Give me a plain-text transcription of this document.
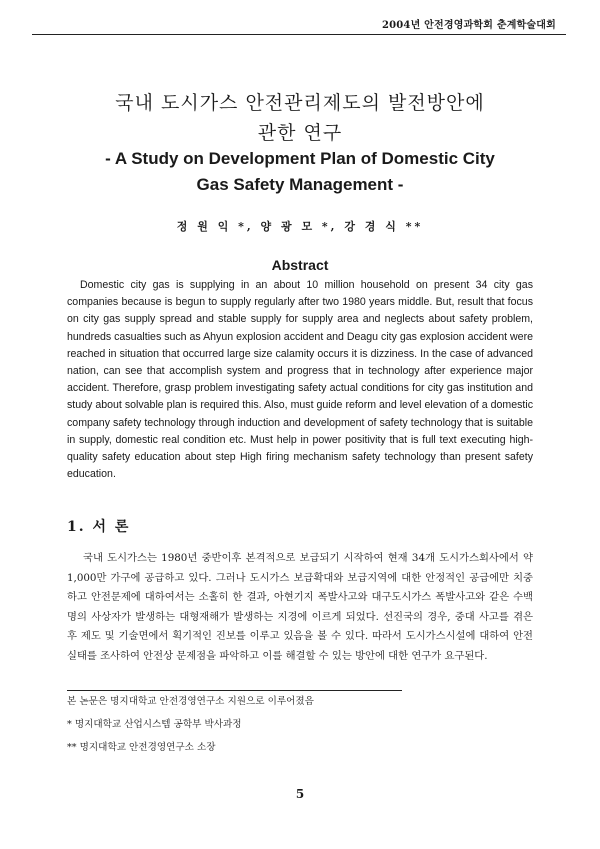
2004년 안전경영과학회 춘계학술대회
국내 도시가스 안전관리제도의 발전방안에
관한 연구
- A Study on Development Plan of Domestic City
Gas Safety Management -
정 원 익 *, 양 광 모 *, 강 경 식 **
Abstract

Domestic city gas is supplying in an about 10 million household on present 34 city gas companies because is begun to supply regularly after two 1980 years middle. But, result that focus on city gas supply spread and stable supply for supply area and neglects about safety problem, hundreds casualties such as Ahyun explosion accident and Deagu city gas explosion accident were reached in situation that occurred large size calamity occurs it is dizziness. In the case of advanced nation, can see that accomplish system and progress that in technology after experience major accident. Therefore, grasp problem investigating safety actual conditions for city gas institution and study about solvable plan is required this. Also, must guide reform and level elevation of a domestic company safety technology through induction and development of safety technology that is suitable in supply, domestic real condition etc. Must help in power positivity that is full text executing high-quality safety education about step High firing mechanism safety technology than present safety education.

1. 서 론

국내 도시가스는 1980년 중반이후 본격적으로 보급되기 시작하여 현재 34개 도시가스회사에서 약 1,000만 가구에 공급하고 있다. 그러나 도시가스 보급확대와 보급지역에 대한 안정적인 공급에만 치중하고 안전문제에 대하여서는 소홀히 한 결과, 아현기지 폭발사고와 대구도시가스 폭발사고와 같은 수백 명의 사상자가 발생하는 대형재해가 발생하는 지경에 이르게 되었다. 선진국의 경우, 중대 사고를 겪은 후 제도 및 기술면에서 획기적인 진보를 이루고 있음을 볼 수 있다. 따라서 도시가스시설에 대하여 안전실태를 조사하여 안전상 문제점을 파악하고 이를 해결할 수 있는 방안에 대한 연구가 요구된다.

본 논문은 명지대학교 안전경영연구소 지원으로 이루어졌음
* 명지대학교 산업시스템 공학부 박사과정
** 명지대학교 안전경영연구소 소장
5
